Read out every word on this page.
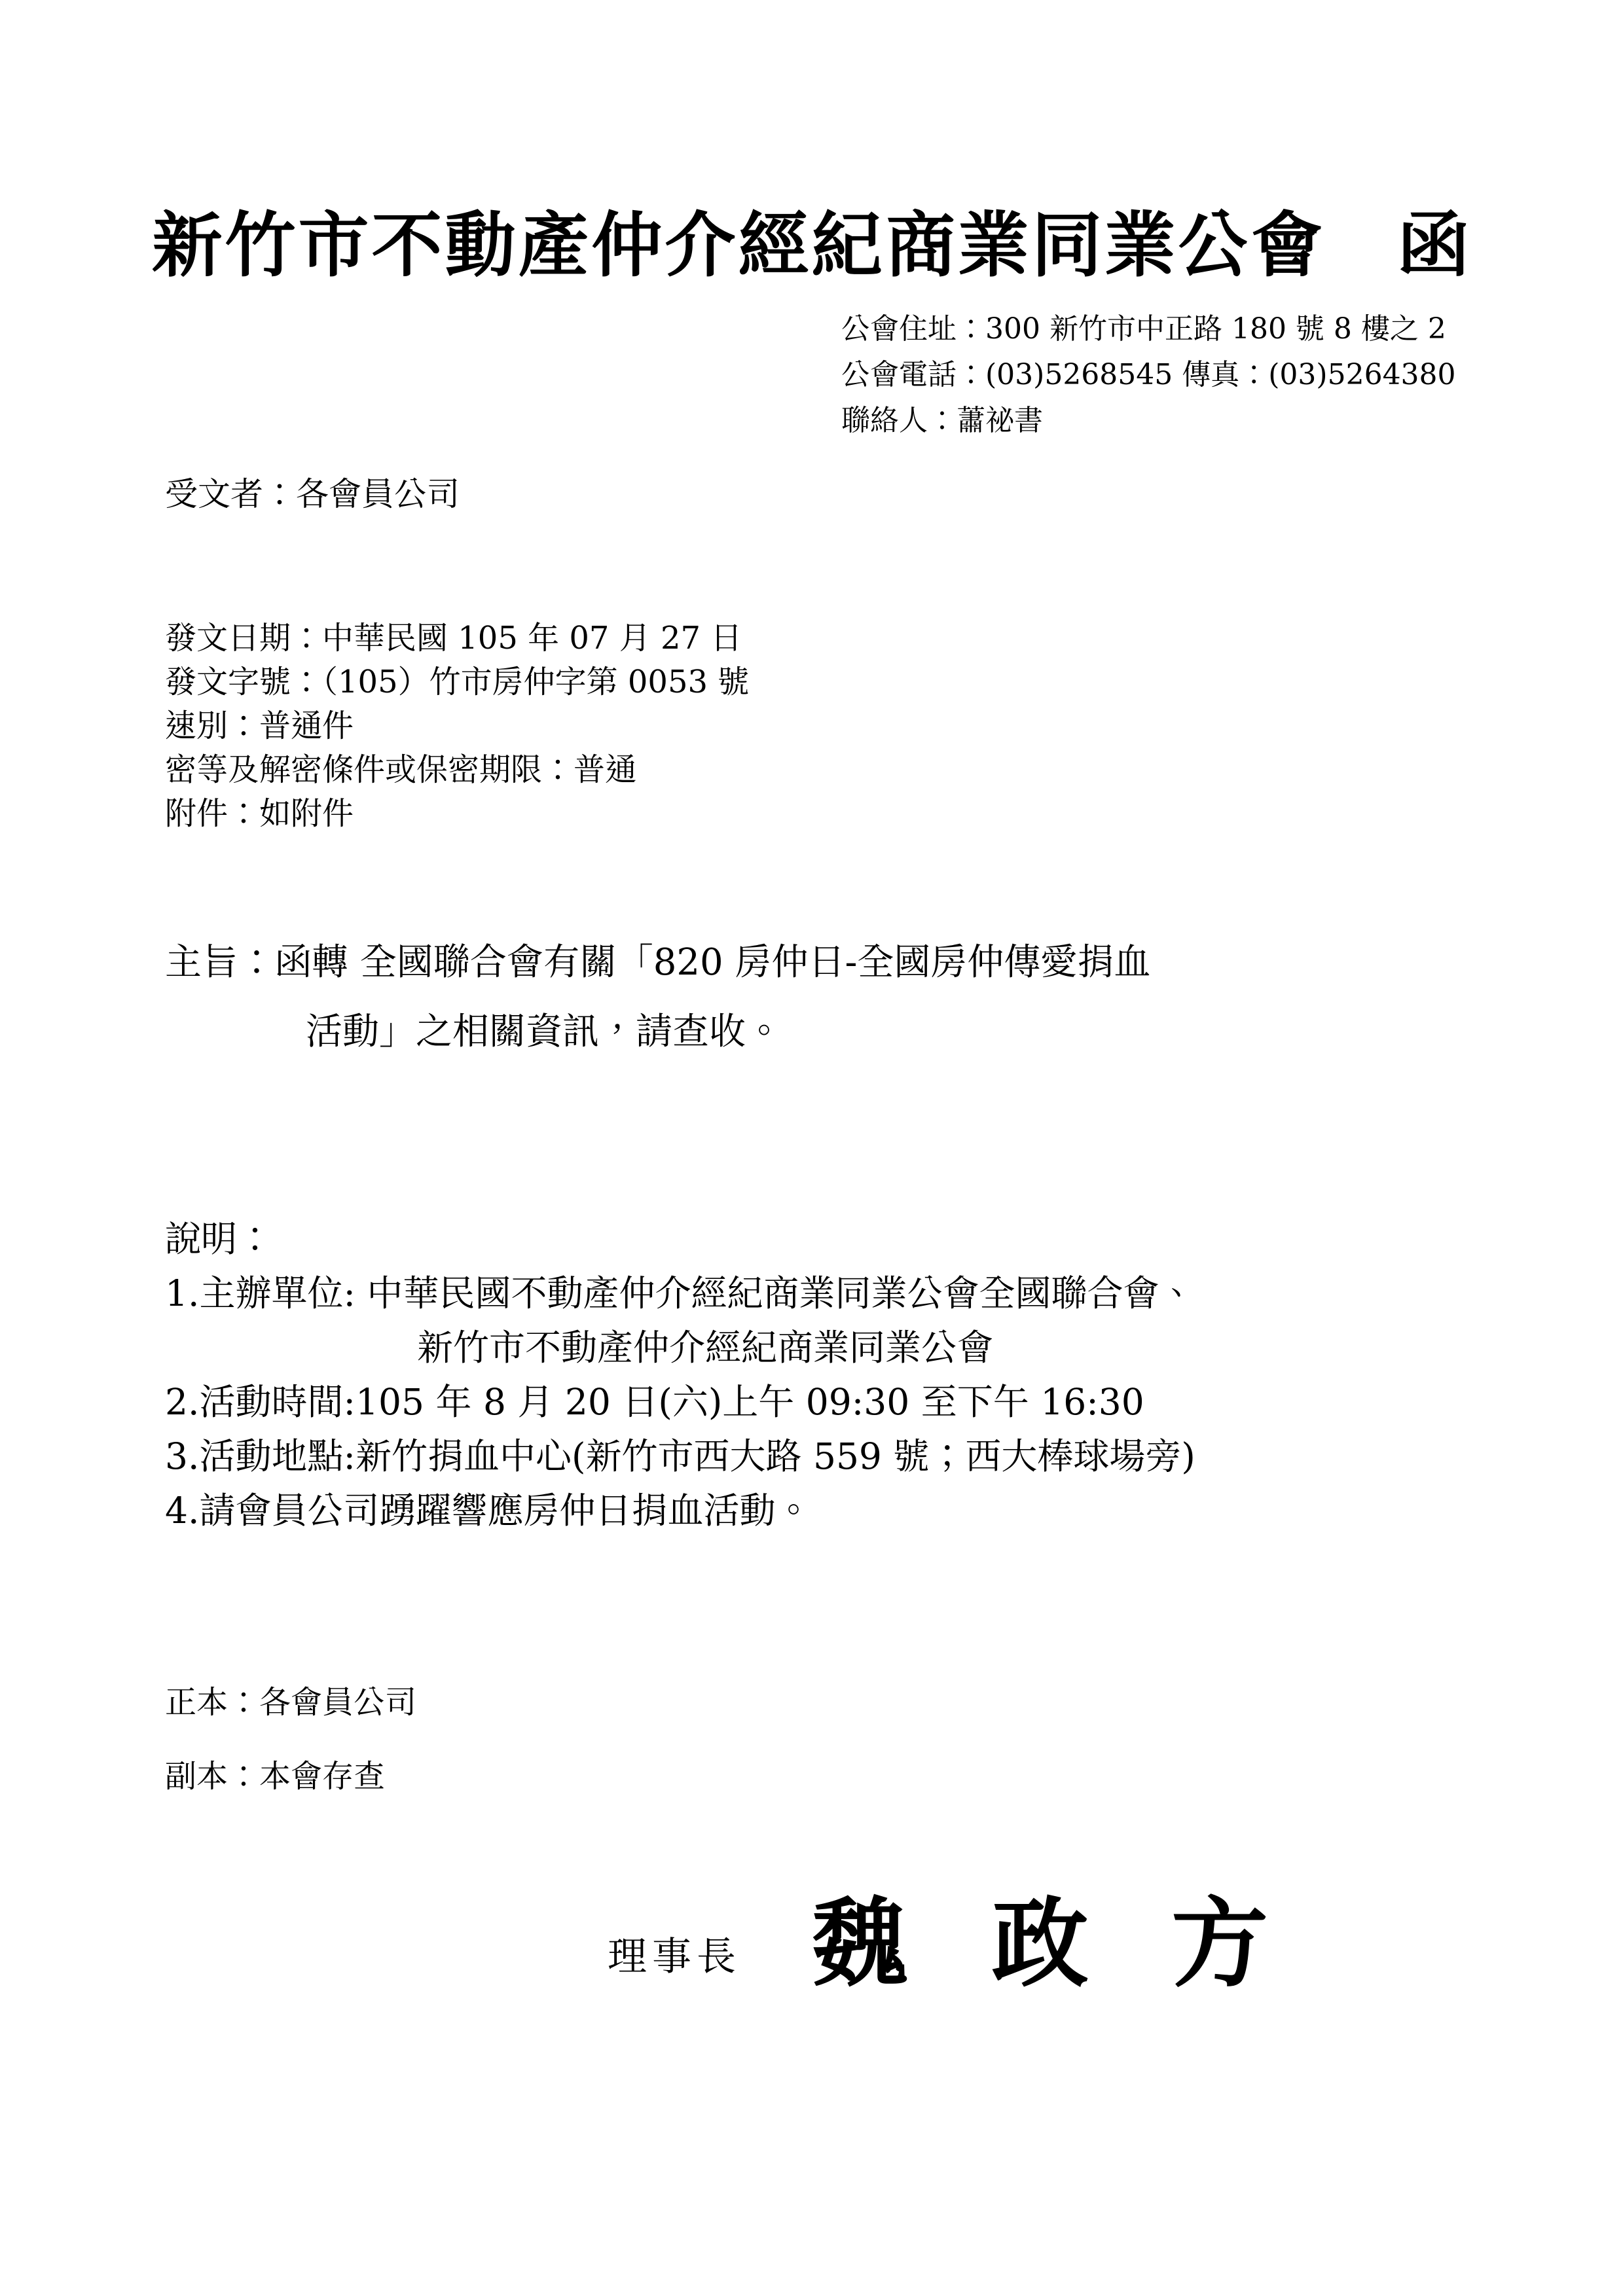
新竹市不動產仲介經紀商業同業公會　函
公會住址：300 新竹市中正路 180 號 8 樓之 2
公會電話：(03)5268545 傳真：(03)5264380
聯絡人：蕭祕書
受文者：各會員公司
發文日期：中華民國 105 年 07 月 27 日
發文字號：（105）竹市房仲字第 0053 號
速別：普通件
密等及解密條件或保密期限：普通
附件：如附件
主旨：函轉 全國聯合會有關「820 房仲日-全國房仲傳愛捐血
活動」之相關資訊，請查收。
說明：
1.主辦單位: 中華民國不動產仲介經紀商業同業公會全國聯合會、
新竹市不動產仲介經紀商業同業公會
2.活動時間:105 年 8 月 20 日(六)上午 09:30 至下午 16:30
3.活動地點:新竹捐血中心(新竹市西大路 559 號；西大棒球場旁)
4.請會員公司踴躍響應房仲日捐血活動。
正本：各會員公司
副本：本會存查
理事長 魏 政 方
